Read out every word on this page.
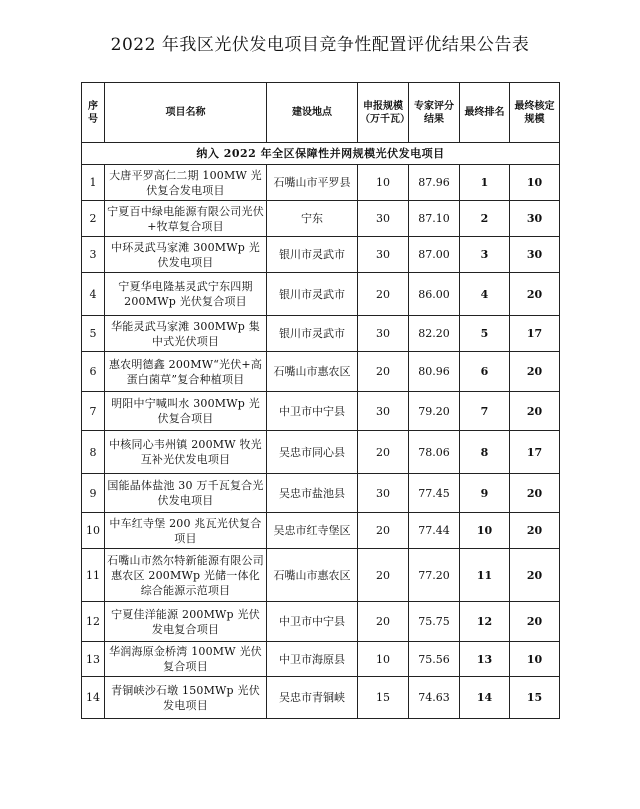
2022 年我区光伏发电项目竞争性配置评优结果公告表
序号	项目名称	建设地点	申报规模（万千瓦）	专家评分结果	最终排名	最终核定规模
纳入 2022 年全区保障性并网规模光伏发电项目						
1	大唐平罗高仁二期 100MW 光伏复合发电项目	石嘴山市平罗县	10	87.96	1	10
2	宁夏百中绿电能源有限公司光伏+牧草复合项目	宁东	30	87.10	2	30
3	中环灵武马家滩 300MWp 光伏发电项目	银川市灵武市	30	87.00	3	30
4	宁夏华电隆基灵武宁东四期 200MWp 光伏复合项目	银川市灵武市	20	86.00	4	20
5	华能灵武马家滩 300MWp 集中式光伏项目	银川市灵武市	30	82.20	5	17
6	惠农明德鑫 200MW“光伏+高蛋白菌草”复合种植项目	石嘴山市惠农区	20	80.96	6	20
7	明阳中宁喊叫水 300MWp 光伏复合项目	中卫市中宁县	30	79.20	7	20
8	中核同心韦州镇 200MW 牧光互补光伏发电项目	吴忠市同心县	20	78.06	8	17
9	国能晶体盐池 30 万千瓦复合光伏发电项目	吴忠市盐池县	30	77.45	9	20
10	中车红寺堡 200 兆瓦光伏复合项目	吴忠市红寺堡区	20	77.44	10	20
11	石嘴山市然尔特新能源有限公司惠农区 200MWp 光储一体化综合能源示范项目	石嘴山市惠农区	20	77.20	11	20
12	宁夏佳洋能源 200MWp 光伏发电复合项目	中卫市中宁县	20	75.75	12	20
13	华润海原金桥湾 100MW 光伏复合项目	中卫市海原县	10	75.56	13	10
14	青铜峡沙石墩 150MWp 光伏发电项目	吴忠市青铜峡	15	74.63	14	15
